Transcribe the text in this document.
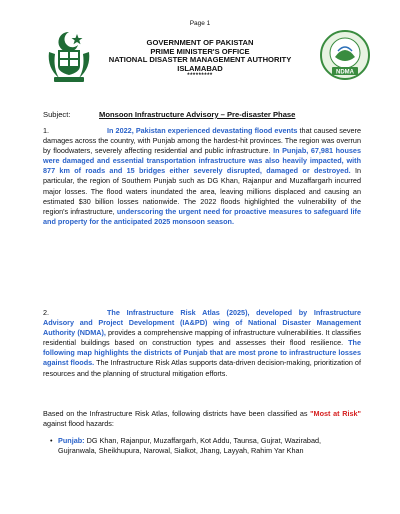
Page 1
NDMA
GOVERNMENT OF PAKISTAN
PRIME MINISTER'S OFFICE
NATIONAL DISASTER MANAGEMENT AUTHORITY
ISLAMABAD
*********
Subject:	Monsoon Infrastructure Advisory – Pre-disaster Phase
1.	In 2022, Pakistan experienced devastating flood events that caused severe damages across the country, with Punjab among the hardest-hit provinces. The region was overrun by floodwaters, severely affecting residential and public infrastructure. In Punjab, 67,981 houses were damaged and essential transportation infrastructure was also heavily impacted, with 877 km of roads and 15 bridges either severely disrupted, damaged or destroyed. In particular, the region of Southern Punjab such as DG Khan, Rajanpur and Muzaffargarh incurred major losses. The flood waters inundated the area, leaving millions displaced and causing an estimated $30 billion losses nationwide. The 2022 floods highlighted the vulnerability of the region's infrastructure, underscoring the urgent need for proactive measures to safeguard life and property for the anticipated 2025 monsoon season.
2.	The Infrastructure Risk Atlas (2025), developed by Infrastructure Advisory and Project Development (IA&PD) wing of National Disaster Management Authority (NDMA), provides a comprehensive mapping of infrastructure vulnerabilities. It classifies residential buildings based on construction types and assesses their flood resilience. The following map highlights the districts of Punjab that are most prone to infrastructure losses against floods. The Infrastructure Risk Atlas supports data-driven decision-making, prioritization of resources and the planning of structural mitigation efforts.
Based on the Infrastructure Risk Atlas, following districts have been classified as "Most at Risk" against flood hazards:
• Punjab: DG Khan, Rajanpur, Muzaffargarh, Kot Addu, Taunsa, Gujrat, Wazirabad, Gujranwala, Sheikhupura, Narowal, Sialkot, Jhang, Layyah, Rahim Yar Khan
